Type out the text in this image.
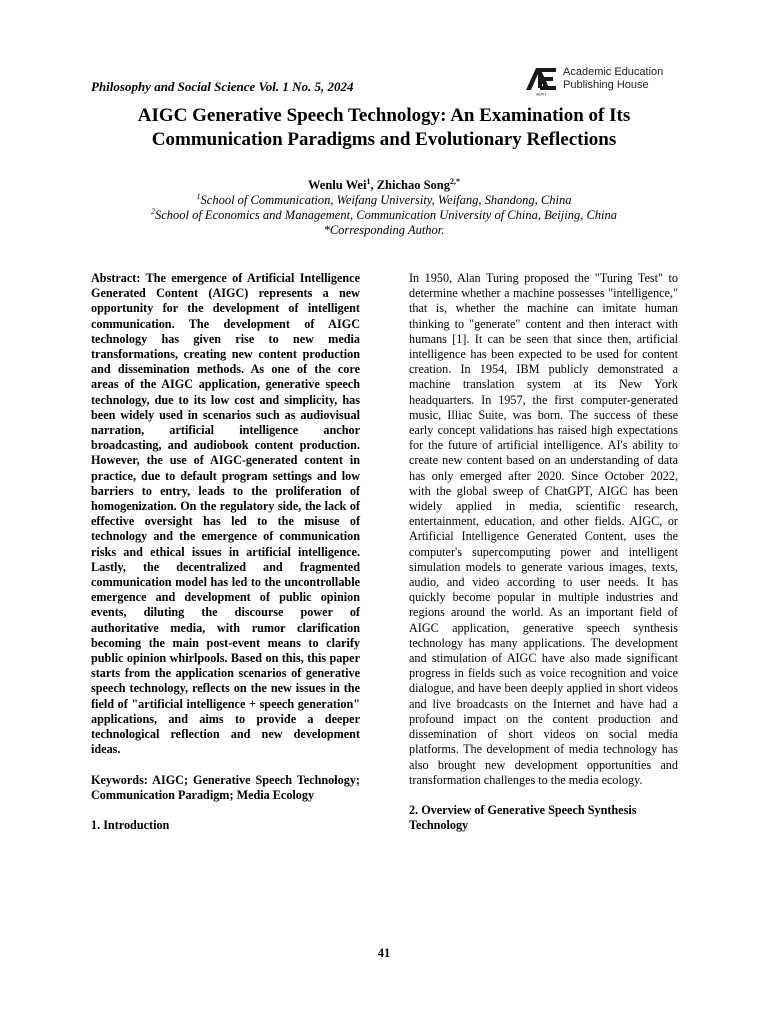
Philosophy and Social Science Vol. 1 No. 5, 2024
AEPH
Academic Education
Publishing House
AIGC Generative Speech Technology: An Examination of Its
Communication Paradigms and Evolutionary Reflections
Wenlu Wei$^1$, Zhichao Song$^{2,*}$
$^1$School of Communication, Weifang University, Weifang, Shandong, China
$^2$School of Economics and Management, Communication University of China, Beijing, China
*Corresponding Author.

Abstract: The emergence of Artificial Intelligence Generated Content (AIGC) represents a new opportunity for the development of intelligent communication. The development of AIGC technology has given rise to new media transformations, creating new content production and dissemination methods. As one of the core areas of the AIGC application, generative speech technology, due to its low cost and simplicity, has been widely used in scenarios such as audiovisual narration, artificial intelligence anchor broadcasting, and audiobook content production. However, the use of AIGC-generated content in practice, due to default program settings and low barriers to entry, leads to the proliferation of homogenization. On the regulatory side, the lack of effective oversight has led to the misuse of technology and the emergence of communication risks and ethical issues in artificial intelligence. Lastly, the decentralized and fragmented communication model has led to the uncontrollable emergence and development of public opinion events, diluting the discourse power of authoritative media, with rumor clarification becoming the main post-event means to clarify public opinion whirlpools. Based on this, this paper starts from the application scenarios of generative speech technology, reflects on the new issues in the field of "artificial intelligence + speech generation" applications, and aims to provide a deeper technological reflection and new development ideas.

Keywords: AIGC; Generative Speech Technology; Communication Paradigm; Media Ecology

1. Introduction

In 1950, Alan Turing proposed the "Turing Test" to determine whether a machine possesses "intelligence," that is, whether the machine can imitate human thinking to "generate" content and then interact with humans [1]. It can be seen that since then, artificial intelligence has been expected to be used for content creation. In 1954, IBM publicly demonstrated a machine translation system at its New York headquarters. In 1957, the first computer-generated music, Illiac Suite, was born. The success of these early concept validations has raised high expectations for the future of artificial intelligence. AI's ability to create new content based on an understanding of data has only emerged after 2020. Since October 2022, with the global sweep of ChatGPT, AIGC has been widely applied in media, scientific research, entertainment, education, and other fields. AIGC, or Artificial Intelligence Generated Content, uses the computer's supercomputing power and intelligent simulation models to generate various images, texts, audio, and video according to user needs. It has quickly become popular in multiple industries and regions around the world. As an important field of AIGC application, generative speech synthesis technology has many applications. The development and stimulation of AIGC have also made significant progress in fields such as voice recognition and voice dialogue, and have been deeply applied in short videos and live broadcasts on the Internet and have had a profound impact on the content production and dissemination of short videos on social media platforms. The development of media technology has also brought new development opportunities and transformation challenges to the media ecology.

2. Overview of Generative Speech Synthesis Technology

41
